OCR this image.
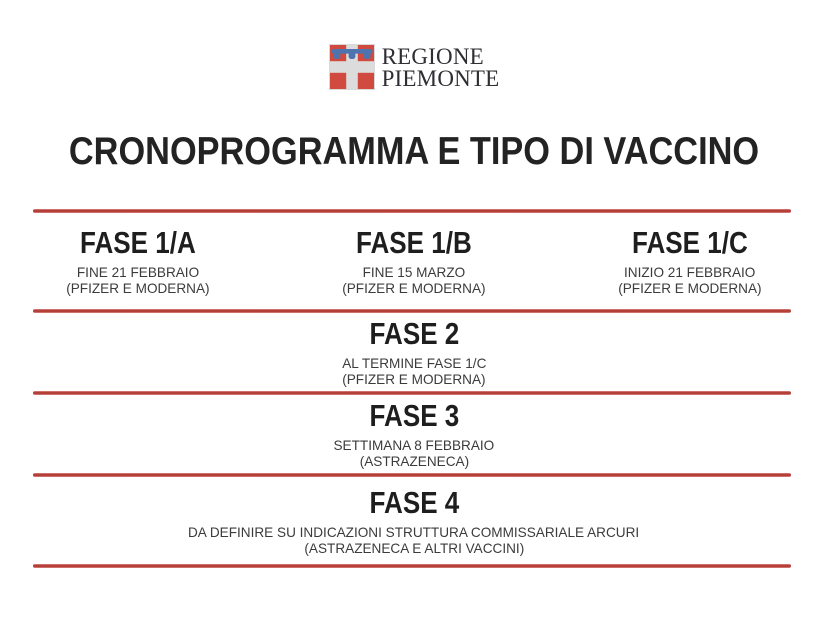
REGIONE
PIEMONTE
CRONOPROGRAMMA E TIPO DI VACCINO
FASE 1/A
FINE 21 FEBBRAIO
(PFIZER E MODERNA)
FASE 1/B
FINE 15 MARZO
(PFIZER E MODERNA)
FASE 1/C
INIZIO 21 FEBBRAIO
(PFIZER E MODERNA)
FASE 2
AL TERMINE FASE 1/C
(PFIZER E MODERNA)
FASE 3
SETTIMANA 8 FEBBRAIO
(ASTRAZENECA)
FASE 4
DA DEFINIRE SU INDICAZIONI STRUTTURA COMMISSARIALE ARCURI
(ASTRAZENECA E ALTRI VACCINI)
